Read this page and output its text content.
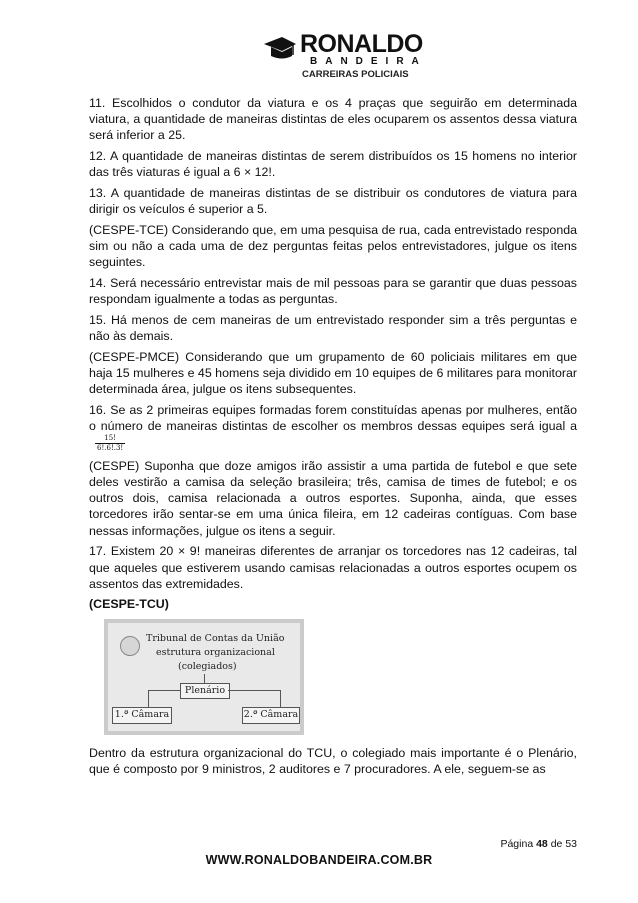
RONALDO
BANDEIRA
CARREIRAS POLICIAIS

11. Escolhidos o condutor da viatura e os 4 praças que seguirão em determinada viatura, a quantidade de maneiras distintas de eles ocuparem os assentos dessa viatura será inferior a 25.

12. A quantidade de maneiras distintas de serem distribuídos os 15 homens no interior das três viaturas é igual a 6 × 12!.

13. A quantidade de maneiras distintas de se distribuir os condutores de viatura para dirigir os veículos é superior a 5.

(CESPE-TCE) Considerando que, em uma pesquisa de rua, cada entrevistado responda sim ou não a cada uma de dez perguntas feitas pelos entrevistadores, julgue os itens seguintes.

14. Será necessário entrevistar mais de mil pessoas para se garantir que duas pessoas respondam igualmente a todas as perguntas.

15. Há menos de cem maneiras de um entrevistado responder sim a três perguntas e não às demais.

(CESPE-PMCE) Considerando que um grupamento de 60 policiais militares em que haja 15 mulheres e 45 homens seja dividido em 10 equipes de 6 militares para monitorar determinada área, julgue os itens subsequentes.

16. Se as 2 primeiras equipes formadas forem constituídas apenas por mulheres, então o número de maneiras distintas de escolher os membros dessas equipes será igual a
$\frac{15!}{6!.6!.3!}$

(CESPE) Suponha que doze amigos irão assistir a uma partida de futebol e que sete deles vestirão a camisa da seleção brasileira; três, camisa de times de futebol; e os outros dois, camisa relacionada a outros esportes. Suponha, ainda, que esses torcedores irão sentar-se em uma única fileira, em 12 cadeiras contíguas. Com base nessas informações, julgue os itens a seguir.

17. Existem 20 × 9! maneiras diferentes de arranjar os torcedores nas 12 cadeiras, tal que aqueles que estiverem usando camisas relacionadas a outros esportes ocupem os assentos das extremidades.

(CESPE-TCU)

Tribunal de Contas da União
estrutura organizacional
(colegiados)
Plenário
1.ª Câmara	2.ª Câmara

Dentro da estrutura organizacional do TCU, o colegiado mais importante é o Plenário, que é composto por 9 ministros, 2 auditores e 7 procuradores. A ele, seguem-se as

Página 48 de 53
WWW.RONALDOBANDEIRA.COM.BR
